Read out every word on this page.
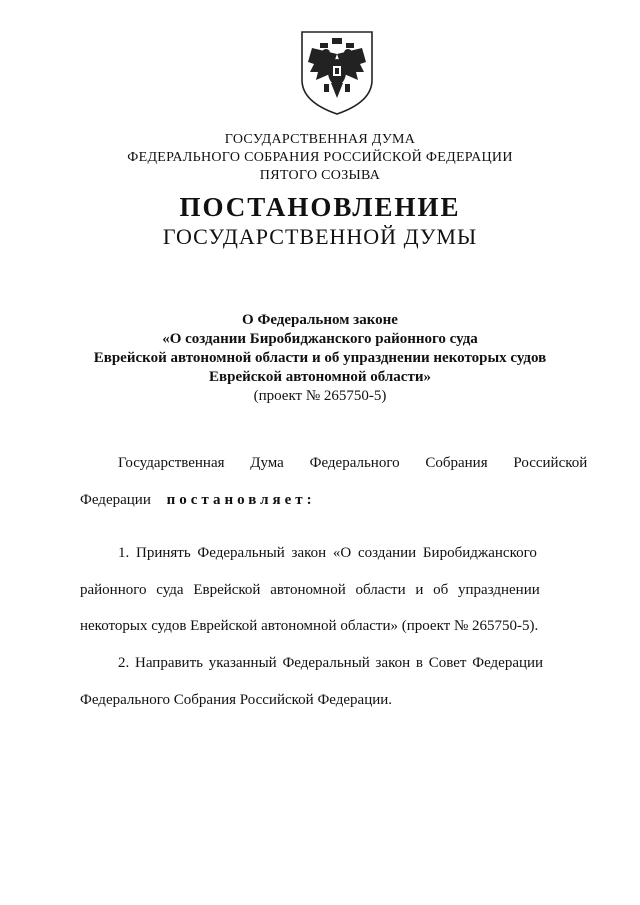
ГОСУДАРСТВЕННАЯ ДУМА
ФЕДЕРАЛЬНОГО СОБРАНИЯ РОССИЙСКОЙ ФЕДЕРАЦИИ
ПЯТОГО СОЗЫВА
ПОСТАНОВЛЕНИЕ
ГОСУДАРСТВЕННОЙ ДУМЫ
О Федеральном законе
«О создании Биробиджанского районного суда
Еврейской автономной области и об упразднении некоторых судов
Еврейской автономной области»
(проект № 265750-5)
Государственная Дума Федерального Собрания Российской
Федерации постановляет:
1. Принять Федеральный закон «О создании Биробиджанского
районного суда Еврейской автономной области и об упразднении
некоторых судов Еврейской автономной области» (проект № 265750-5).
2. Направить указанный Федеральный закон в Совет Федерации
Федерального Собрания Российской Федерации.
